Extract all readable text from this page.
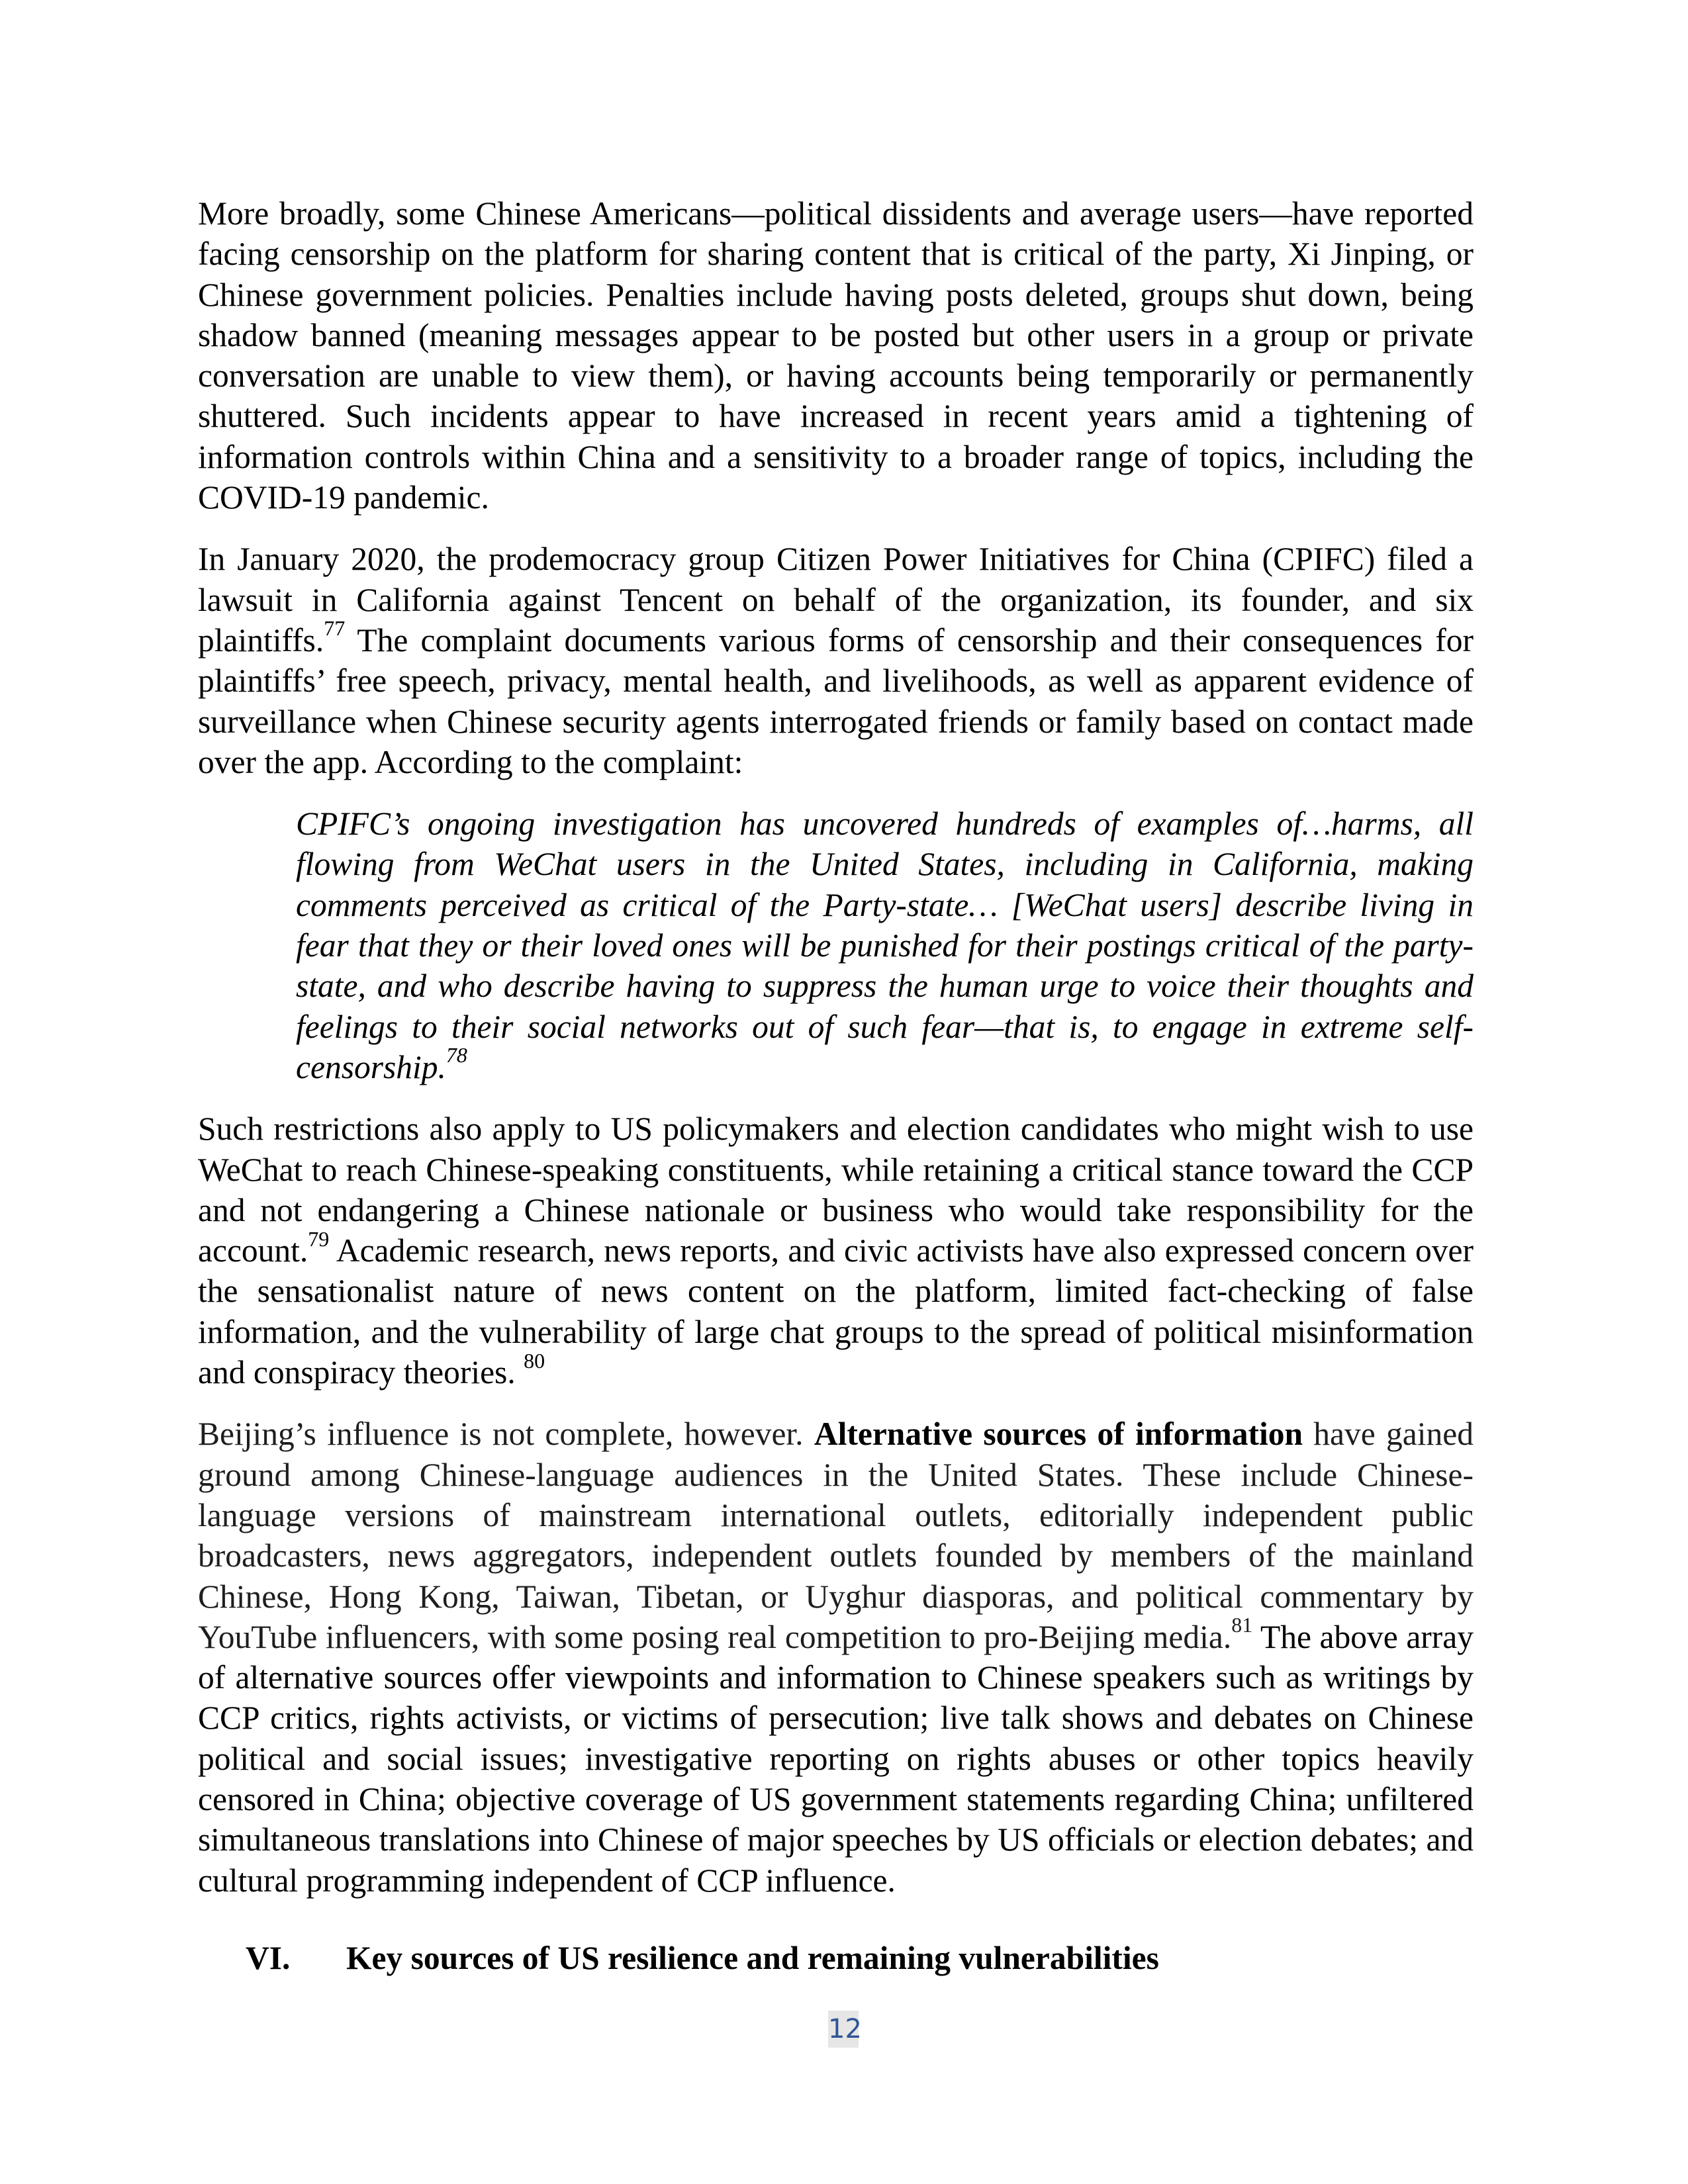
More broadly, some Chinese Americans—political dissidents and average users—have reported facing censorship on the platform for sharing content that is critical of the party, Xi Jinping, or Chinese government policies. Penalties include having posts deleted, groups shut down, being shadow banned (meaning messages appear to be posted but other users in a group or private conversation are unable to view them), or having accounts being temporarily or permanently shuttered. Such incidents appear to have increased in recent years amid a tightening of information controls within China and a sensitivity to a broader range of topics, including the COVID-19 pandemic.

In January 2020, the prodemocracy group Citizen Power Initiatives for China (CPIFC) filed a lawsuit in California against Tencent on behalf of the organization, its founder, and six plaintiffs.$^{77}$ The complaint documents various forms of censorship and their consequences for plaintiffs’ free speech, privacy, mental health, and livelihoods, as well as apparent evidence of surveillance when Chinese security agents interrogated friends or family based on contact made over the app. According to the complaint:

CPIFC’s ongoing investigation has uncovered hundreds of examples of…harms, all flowing from WeChat users in the United States, including in California, making comments perceived as critical of the Party-state… [WeChat users] describe living in fear that they or their loved ones will be punished for their postings critical of the party-state, and who describe having to suppress the human urge to voice their thoughts and feelings to their social networks out of such fear—that is, to engage in extreme self-censorship.$^{78}$

Such restrictions also apply to US policymakers and election candidates who might wish to use WeChat to reach Chinese-speaking constituents, while retaining a critical stance toward the CCP and not endangering a Chinese nationale or business who would take responsibility for the account.$^{79}$ Academic research, news reports, and civic activists have also expressed concern over the sensationalist nature of news content on the platform, limited fact-checking of false information, and the vulnerability of large chat groups to the spread of political misinformation and conspiracy theories. $^{80}$

Beijing’s influence is not complete, however. Alternative sources of information have gained ground among Chinese-language audiences in the United States. These include Chinese-language versions of mainstream international outlets, editorially independent public broadcasters, news aggregators, independent outlets founded by members of the mainland Chinese, Hong Kong, Taiwan, Tibetan, or Uyghur diasporas, and political commentary by YouTube influencers, with some posing real competition to pro-Beijing media.$^{81}$ The above array of alternative sources offer viewpoints and information to Chinese speakers such as writings by CCP critics, rights activists, or victims of persecution; live talk shows and debates on Chinese political and social issues; investigative reporting on rights abuses or other topics heavily censored in China; objective coverage of US government statements regarding China; unfiltered simultaneous translations into Chinese of major speeches by US officials or election debates; and cultural programming independent of CCP influence.

VI.	Key sources of US resilience and remaining vulnerabilities
12
